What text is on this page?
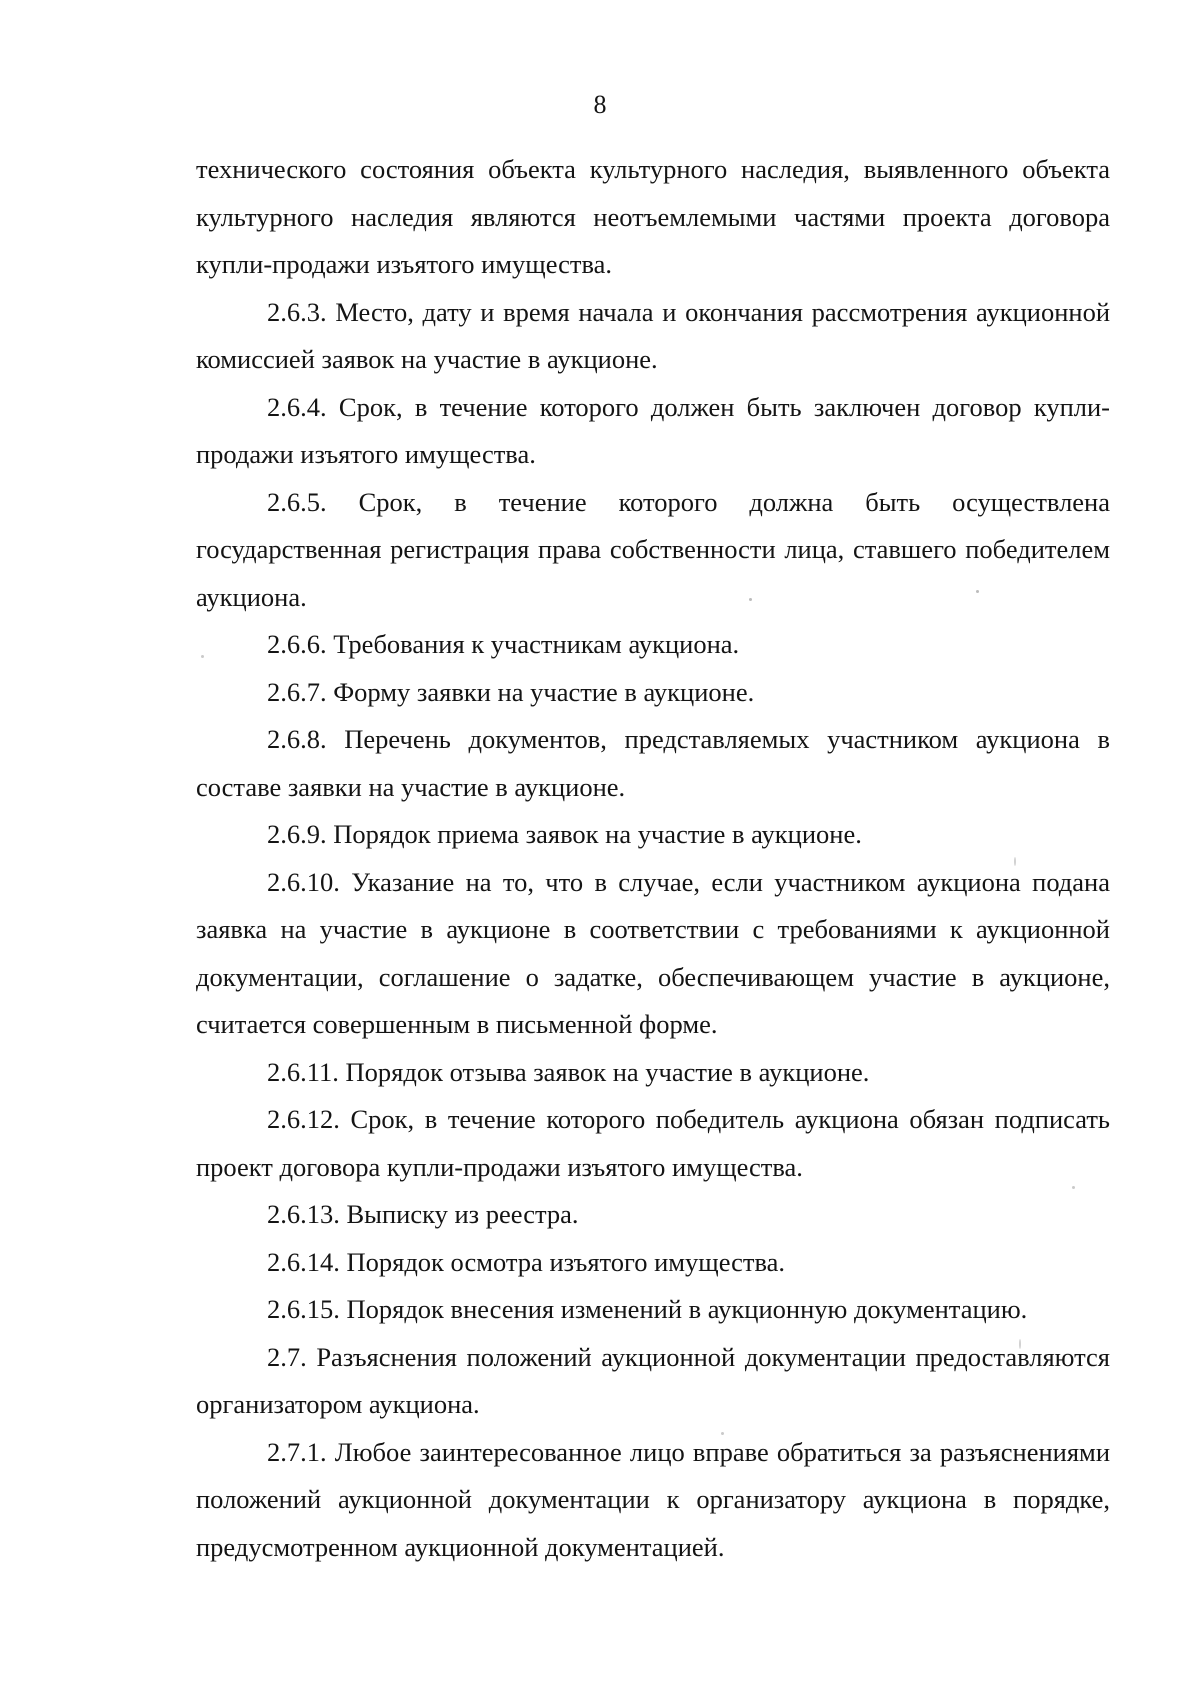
8

технического состояния объекта культурного наследия, выявленного объекта культурного наследия являются неотъемлемыми частями проекта договора купли-продажи изъятого имущества.

2.6.3. Место, дату и время начала и окончания рассмотрения аукционной комиссией заявок на участие в аукционе.

2.6.4. Срок, в течение которого должен быть заключен договор купли-продажи изъятого имущества.

2.6.5. Срок, в течение которого должна быть осуществлена государственная регистрация права собственности лица, ставшего победителем аукциона.

2.6.6. Требования к участникам аукциона.

2.6.7. Форму заявки на участие в аукционе.

2.6.8. Перечень документов, представляемых участником аукциона в составе заявки на участие в аукционе.

2.6.9. Порядок приема заявок на участие в аукционе.

2.6.10. Указание на то, что в случае, если участником аукциона подана заявка на участие в аукционе в соответствии с требованиями к аукционной документации, соглашение о задатке, обеспечивающем участие в аукционе, считается совершенным в письменной форме.

2.6.11. Порядок отзыва заявок на участие в аукционе.

2.6.12. Срок, в течение которого победитель аукциона обязан подписать проект договора купли-продажи изъятого имущества.

2.6.13. Выписку из реестра.

2.6.14. Порядок осмотра изъятого имущества.

2.6.15. Порядок внесения изменений в аукционную документацию.

2.7. Разъяснения положений аукционной документации предоставляются организатором аукциона.

2.7.1. Любое заинтересованное лицо вправе обратиться за разъяснениями положений аукционной документации к организатору аукциона в порядке, предусмотренном аукционной документацией.
